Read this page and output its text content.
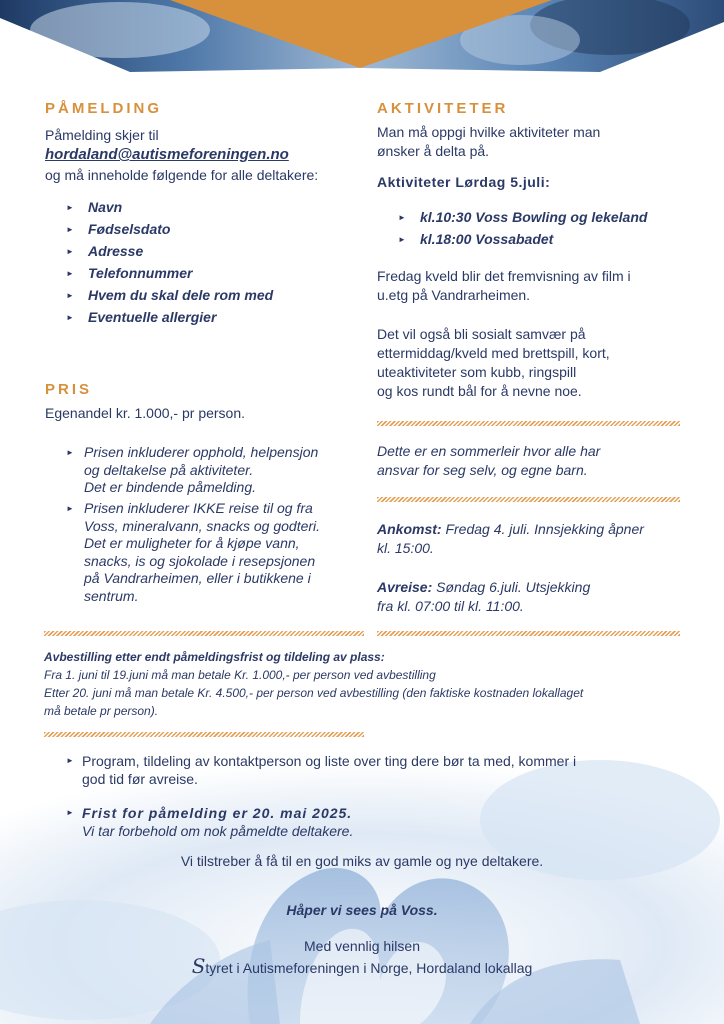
PÅMELDING
Påmelding skjer til
hordaland@autismeforeningen.no
og må inneholde følgende for alle deltakere:
► Navn
► Fødselsdato
► Adresse
► Telefonnummer
► Hvem du skal dele rom med
► Eventuelle allergier
PRIS
Egenandel kr. 1.000,- pr person.
► Prisen inkluderer opphold, helpensjon
og deltakelse på aktiviteter.
Det er bindende påmelding.
► Prisen inkluderer IKKE reise til og fra
Voss, mineralvann, snacks og godteri.
Det er muligheter for å kjøpe vann,
snacks, is og sjokolade i resepsjonen
på Vandrarheimen, eller i butikkene i
sentrum.
AKTIVITETER
Man må oppgi hvilke aktiviteter man
ønsker å delta på.
Aktiviteter Lørdag 5.juli:
► kl.10:30 Voss Bowling og lekeland
► kl.18:00 Vossabadet
Fredag kveld blir det fremvisning av film i
u.etg på Vandrarheimen.
Det vil også bli sosialt samvær på
ettermiddag/kveld med brettspill, kort,
uteaktiviteter som kubb, ringspill
og kos rundt bål for å nevne noe.
Dette er en sommerleir hvor alle har
ansvar for seg selv, og egne barn.
Ankomst: Fredag 4. juli. Innsjekking åpner
kl. 15:00.
Avreise: Søndag 6.juli. Utsjekking
fra kl. 07:00 til kl. 11:00.
Avbestilling etter endt påmeldingsfrist og tildeling av plass:
Fra 1. juni til 19.juni må man betale Kr. 1.000,- per person ved avbestilling
Etter 20. juni må man betale Kr. 4.500,- per person ved avbestilling (den faktiske kostnaden lokallaget
må betale pr person).
► Program, tildeling av kontaktperson og liste over ting dere bør ta med, kommer i
god tid før avreise.
► Frist for påmelding er 20. mai 2025.
Vi tar forbehold om nok påmeldte deltakere.
Vi tilstreber å få til en god miks av gamle og nye deltakere.
Håper vi sees på Voss.
Med vennlig hilsen
Styret i Autismeforeningen i Norge, Hordaland lokallag
